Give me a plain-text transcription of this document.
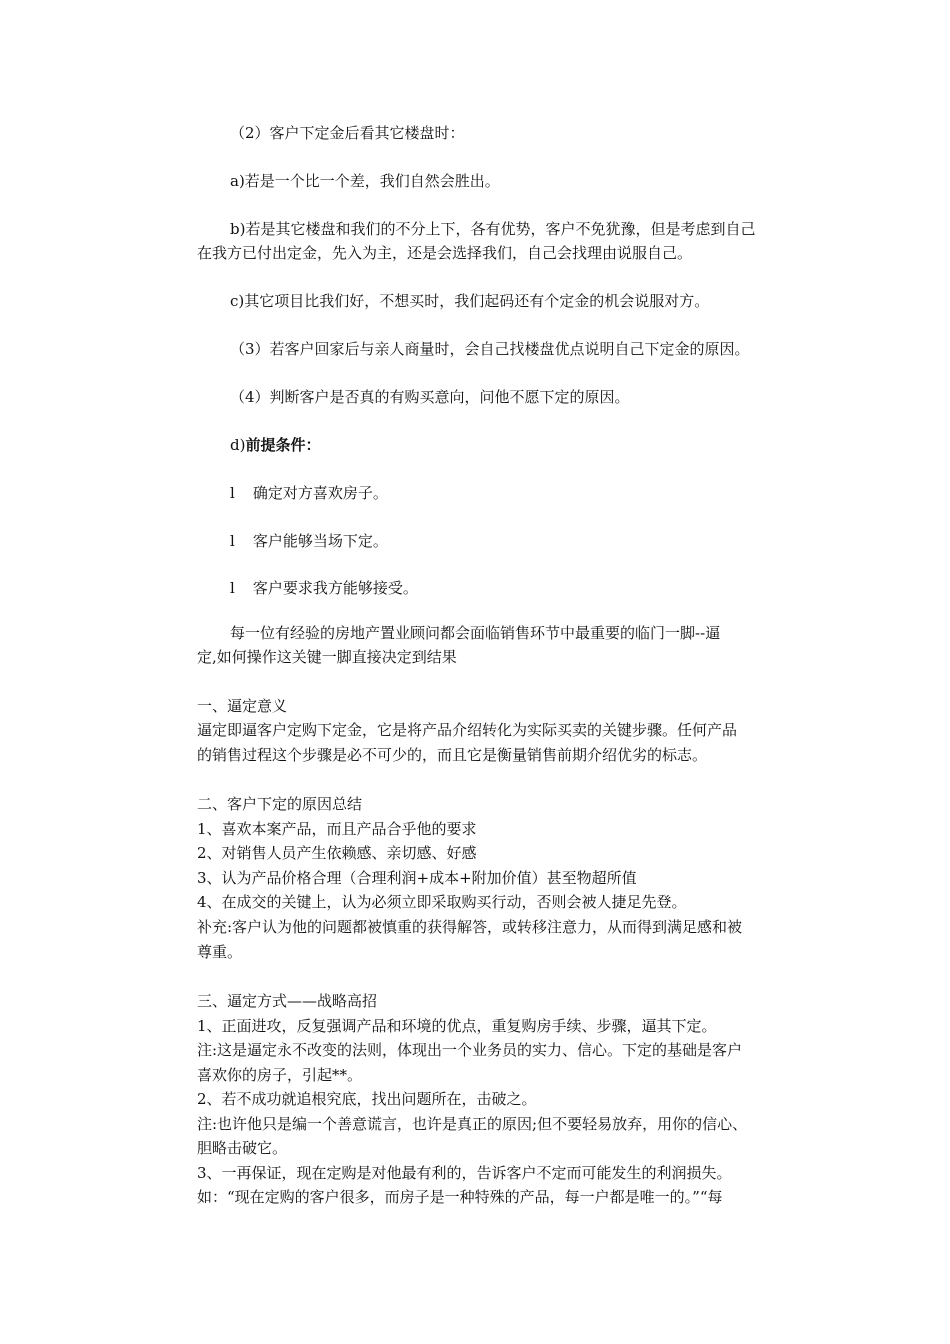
（2）客户下定金后看其它楼盘时：
a)若是一个比一个差，我们自然会胜出。
b)若是其它楼盘和我们的不分上下，各有优势，客户不免犹豫，但是考虑到自己
在我方已付出定金，先入为主，还是会选择我们，自己会找理由说服自己。
c)其它项目比我们好，不想买时，我们起码还有个定金的机会说服对方。
（3）若客户回家后与亲人商量时，会自己找楼盘优点说明自己下定金的原因。
（4）判断客户是否真的有购买意向，问他不愿下定的原因。
d)前提条件：
l 确定对方喜欢房子。
l 客户能够当场下定。
l 客户要求我方能够接受。
每一位有经验的房地产置业顾问都会面临销售环节中最重要的临门一脚--逼
定,如何操作这关键一脚直接决定到结果
一、逼定意义
逼定即逼客户定购下定金，它是将产品介绍转化为实际买卖的关键步骤。任何产品
的销售过程这个步骤是必不可少的，而且它是衡量销售前期介绍优劣的标志。
二、客户下定的原因总结
1、喜欢本案产品，而且产品合乎他的要求
2、对销售人员产生依赖感、亲切感、好感
3、认为产品价格合理（合理利润+成本+附加价值）甚至物超所值
4、在成交的关键上，认为必须立即采取购买行动，否则会被人捷足先登。
补充:客户认为他的问题都被慎重的获得解答，或转移注意力，从而得到满足感和被
尊重。
三、逼定方式——战略高招
1、正面进攻，反复强调产品和环境的优点，重复购房手续、步骤，逼其下定。
注:这是逼定永不改变的法则，体现出一个业务员的实力、信心。下定的基础是客户
喜欢你的房子，引起**。
2、若不成功就追根究底，找出问题所在，击破之。
注:也许他只是编一个善意谎言，也许是真正的原因;但不要轻易放弃，用你的信心、
胆略击破它。
3、一再保证，现在定购是对他最有利的，告诉客户不定而可能发生的利润损失。
如：“现在定购的客户很多，而房子是一种特殊的产品，每一户都是唯一的。”“每
